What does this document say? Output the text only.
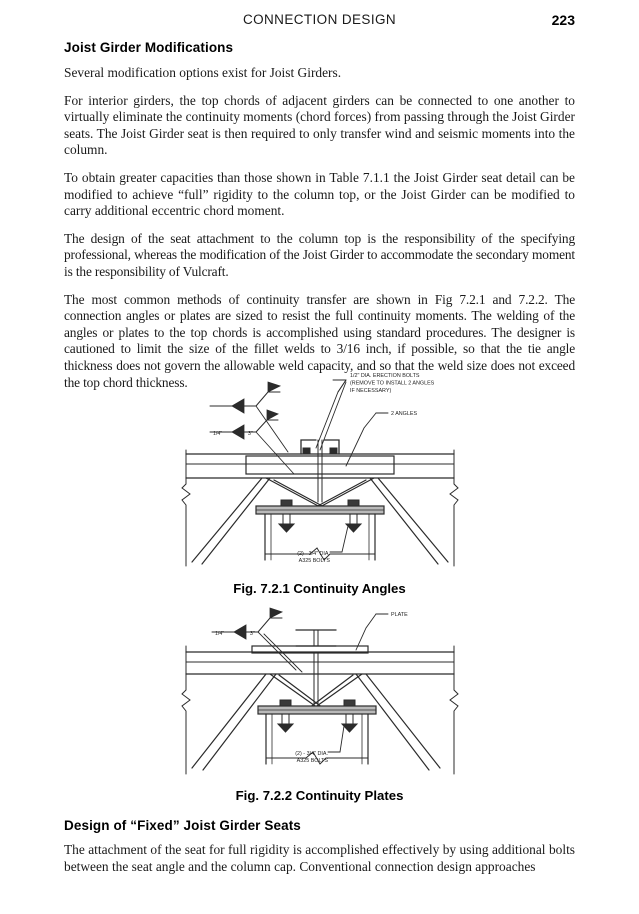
CONNECTION DESIGN	223
Joist Girder Modifications

Several modification options exist for Joist Girders.

For interior girders, the top chords of adjacent girders can be connected to one another to virtually eliminate the continuity moments (chord forces) from passing through the Joist Girder seats. The Joist Girder seat is then required to only transfer wind and seismic moments into the column.

To obtain greater capacities than those shown in Table 7.1.1 the Joist Girder seat detail can be modified to achieve “full” rigidity to the column top, or the Joist Girder can be modified to carry additional eccentric chord moment.

The design of the seat attachment to the column top is the responsibility of the specifying professional, whereas the modification of the Joist Girder to accommodate the secondary moment is the responsibility of Vulcraft.

The most common methods of continuity transfer are shown in Fig 7.2.1 and 7.2.2. The connection angles or plates are sized to resist the full continuity moments. The welding of the angles or plates to the top chords is accomplished using standard procedures. The designer is cautioned to limit the size of the fillet welds to 3/16 inch, if possible, so that the tie angle thickness does not govern the allowable weld capacity, and so that the weld size does not exceed the top chord thickness.

1/4"	3"
1/2" DIA. ERECTION BOLTS
(REMOVE TO INSTALL 2 ANGLES
IF NECESSARY)
2 ANGLES
(2) - 3/4" DIA.
A325 BOLTS
Fig. 7.2.1 Continuity Angles
1/4"	3"
PLATE
(2) - 3/4" DIA.
A325 BOLTS
Fig. 7.2.2 Continuity Plates
Design of “Fixed” Joist Girder Seats

The attachment of the seat for full rigidity is accomplished effectively by using additional bolts between the seat angle and the column cap. Conventional connection design approaches
